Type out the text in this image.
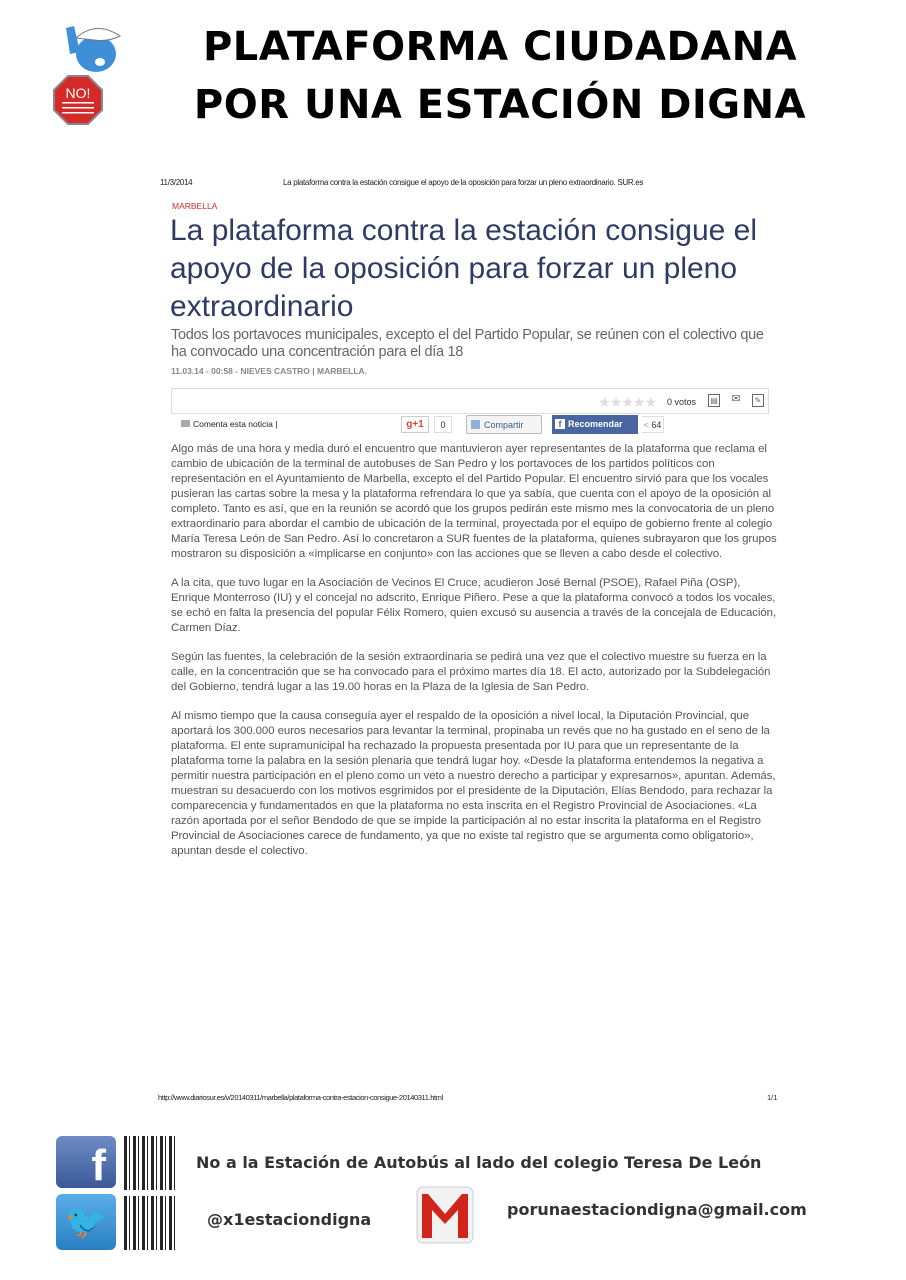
NO!
PLATAFORMA CIUDADANA
POR UNA ESTACIÓN DIGNA
11/3/2014	La plataforma contra la estación consigue el apoyo de la oposición para forzar un pleno extraordinario. SUR.es
MARBELLA
La plataforma contra la estación consigue el apoyo de la oposición para forzar un pleno extraordinario
Todos los portavoces municipales, excepto el del Partido Popular, se reúnen con el colectivo que ha convocado una concentración para el día 18
11.03.14 - 00:58 - NIEVES CASTRO | MARBELLA.
★★★★★ 0 votos ▤ ✉	✎
Comenta esta noticia |	g+1	0	Compartir	f Recomendar	< 64

Algo más de una hora y media duró el encuentro que mantuvieron ayer representantes de la plataforma que reclama el cambio de ubicación de la terminal de autobuses de San Pedro y los portavoces de los partidos políticos con representación en el Ayuntamiento de Marbella, excepto el del Partido Popular. El encuentro sirvió para que los vocales pusieran las cartas sobre la mesa y la plataforma refrendara lo que ya sabía, que cuenta con el apoyo de la oposición al completo. Tanto es así, que en la reunión se acordó que los grupos pedirán este mismo mes la convocatoria de un pleno extraordinario para abordar el cambio de ubicación de la terminal, proyectada por el equipo de gobierno frente al colegio María Teresa León de San Pedro. Así lo concretaron a SUR fuentes de la plataforma, quienes subrayaron que los grupos mostraron su disposición a «implicarse en conjunto» con las acciones que se lleven a cabo desde el colectivo.

A la cita, que tuvo lugar en la Asociación de Vecinos El Cruce, acudieron José Bernal (PSOE), Rafael Piña (OSP), Enrique Monterroso (IU) y el concejal no adscrito, Enrique Piñero. Pese a que la plataforma convocó a todos los vocales, se echó en falta la presencia del popular Félix Romero, quien excusó su ausencia a través de la concejala de Educación, Carmen Díaz.

Según las fuentes, la celebración de la sesión extraordinaria se pedirá una vez que el colectivo muestre su fuerza en la calle, en la concentración que se ha convocado para el próximo martes día 18. El acto, autorizado por la Subdelegación del Gobierno, tendrá lugar a las 19.00 horas en la Plaza de la Iglesia de San Pedro.

Al mismo tiempo que la causa conseguía ayer el respaldo de la oposición a nivel local, la Diputación Provincial, que aportará los 300.000 euros necesarios para levantar la terminal, propinaba un revés que no ha gustado en el seno de la plataforma. El ente supramunicipal ha rechazado la propuesta presentada por IU para que un representante de la plataforma tome la palabra en la sesión plenaria que tendrá lugar hoy. «Desde la plataforma entendemos la negativa a permitir nuestra participación en el pleno como un veto a nuestro derecho a participar y expresarnos», apuntan. Además, muestran su desacuerdo con los motivos esgrimidos por el presidente de la Diputación, Elías Bendodo, para rechazar la comparecencia y fundamentados en que la plataforma no esta inscrita en el Registro Provincial de Asociaciones. «La razón aportada por el señor Bendodo de que se impide la participación al no estar inscrita la plataforma en el Registro Provincial de Asociaciones carece de fundamento, ya que no existe tal registro que se argumenta como obligatorio», apuntan desde el colectivo.

http://www.diariosur.es/v/20140311/marbella/plataforma-contra-estacion-consigue-20140311.html	1/1
f	No a la Estación de Autobús al lado del colegio Teresa De León
🐦	@x1estaciondigna
porunaestaciondigna@gmail.com
